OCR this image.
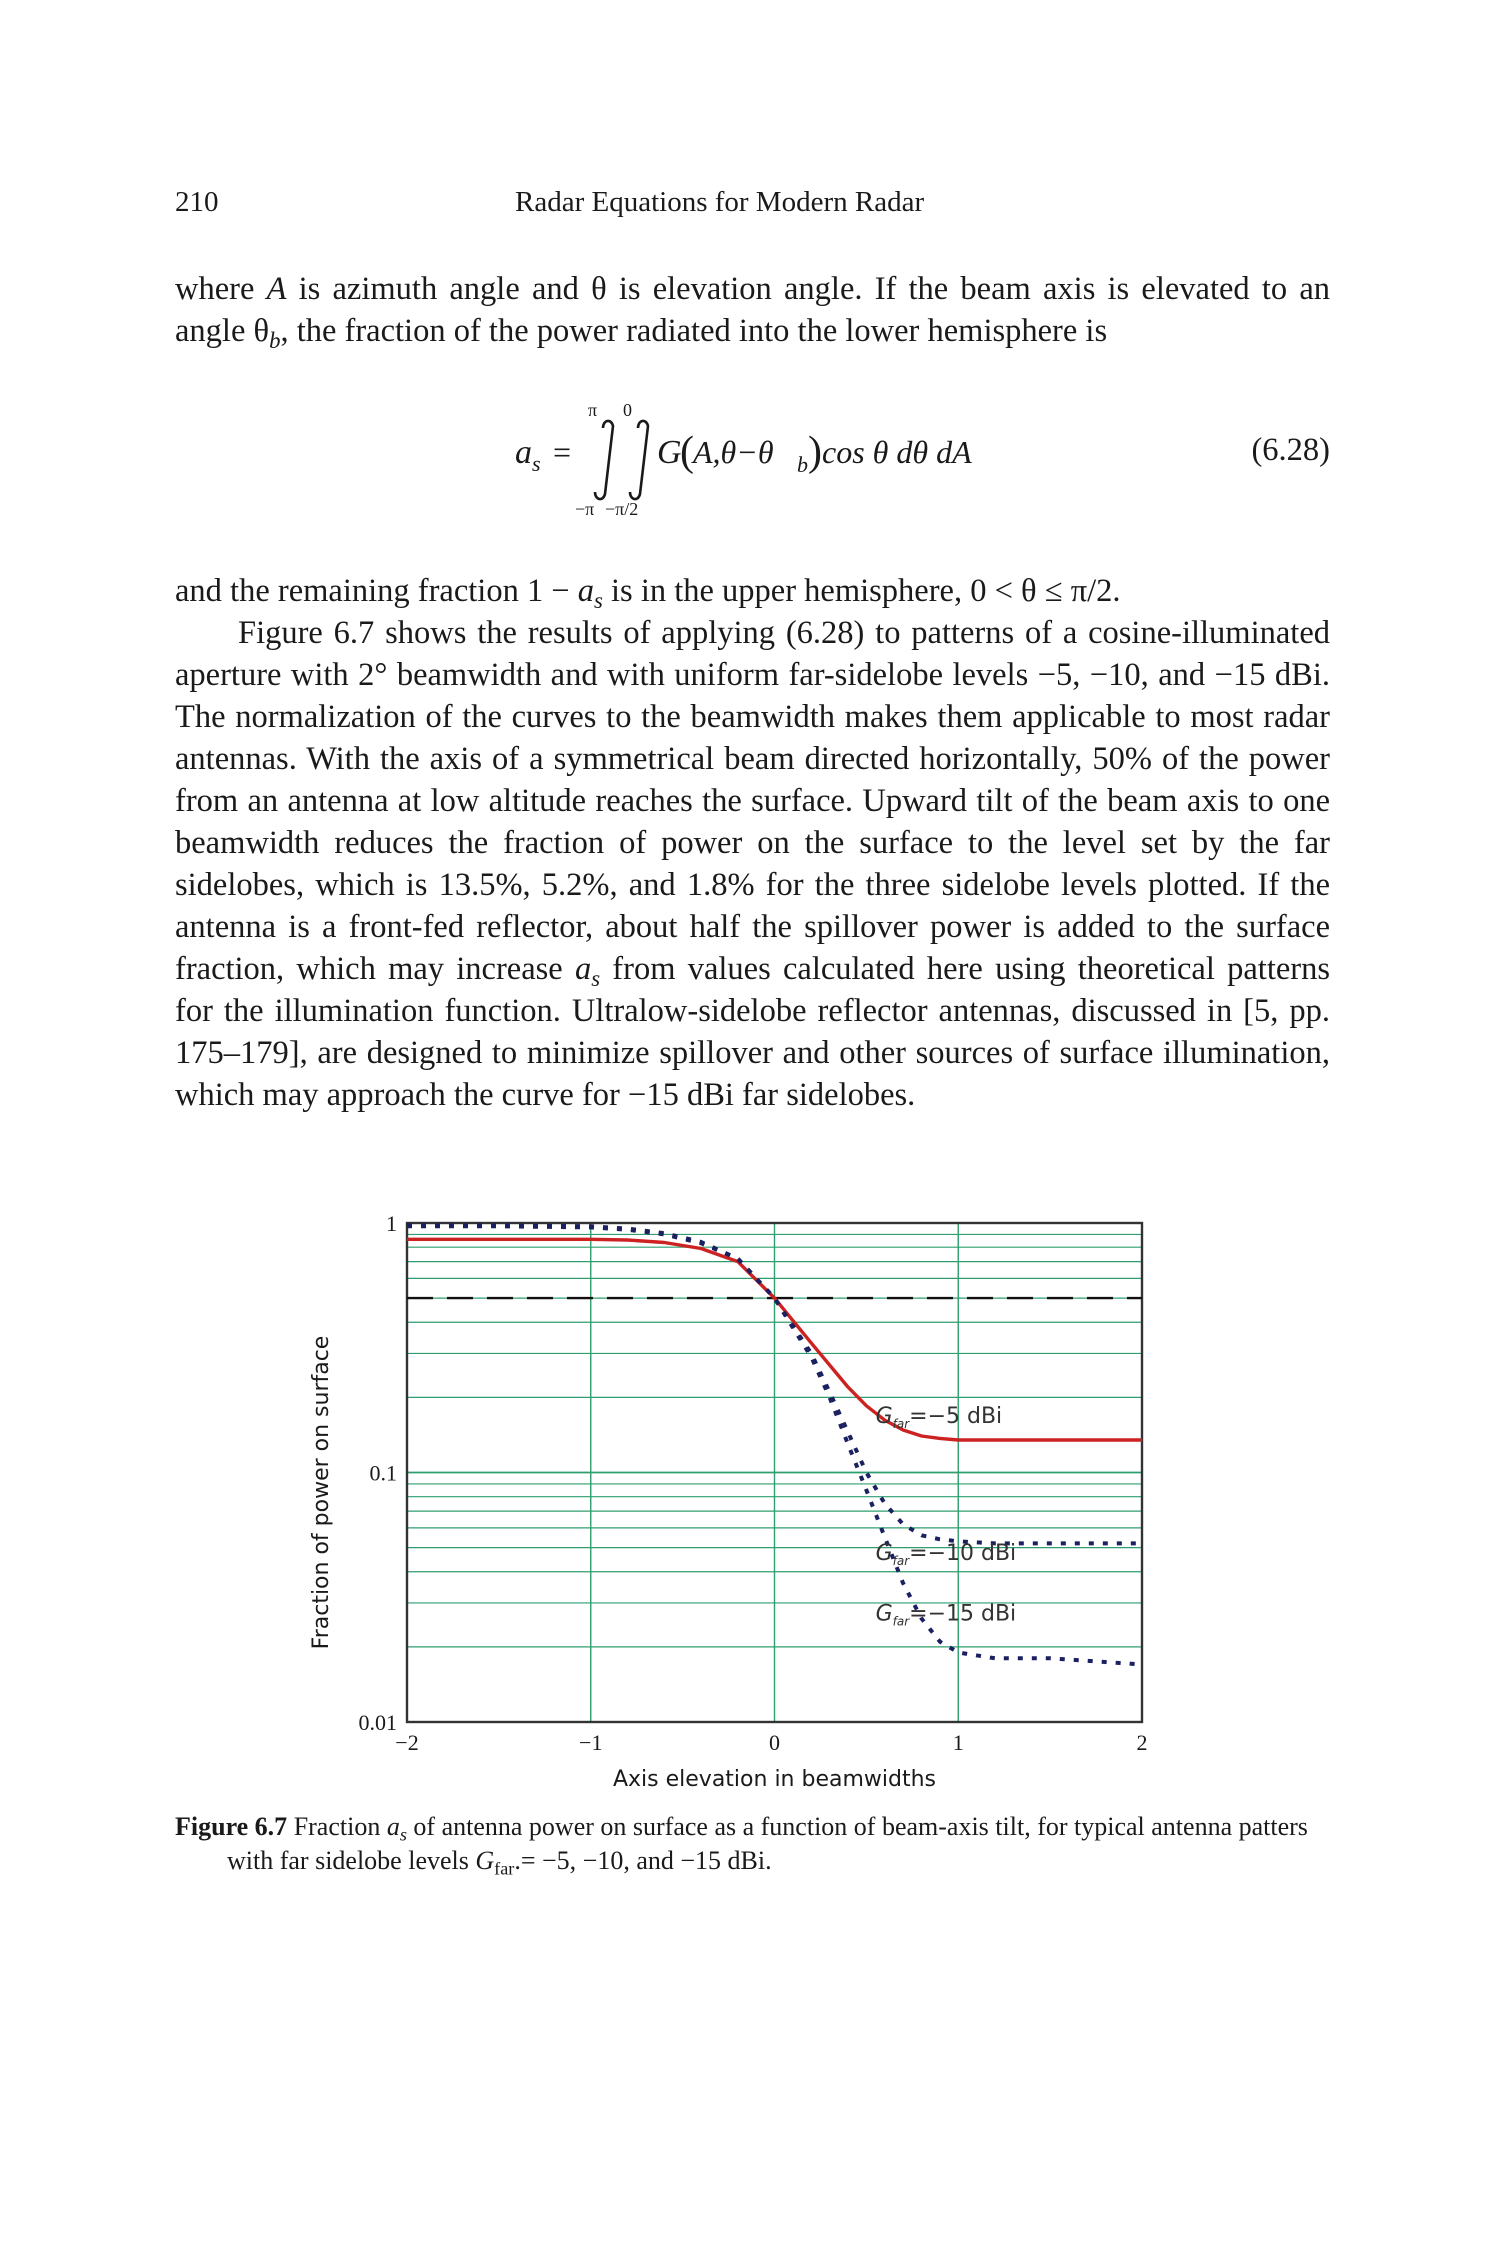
210	Radar Equations for Modern Radar

where A is azimuth angle and θ is elevation angle. If the beam axis is elevated to an angle $\theta_b$, the fraction of the power radiated into the lower hemisphere is

a s =
π
−π
0
−π/2
G
( A,θ−θ b ) cos θ dθ dA	(6.28)

and the remaining fraction $1 - a_s$ is in the upper hemisphere, 0 < θ ≤ π/2.

Figure 6.7 shows the results of applying (6.28) to patterns of a cosine-illuminated aperture with 2° beamwidth and with uniform far-sidelobe levels −5, −10, and −15 dBi. The normalization of the curves to the beamwidth makes them applicable to most radar antennas. With the axis of a symmetrical beam directed horizontally, 50% of the power from an antenna at low altitude reaches the surface. Upward tilt of the beam axis to one beamwidth reduces the fraction of power on the surface to the level set by the far sidelobes, which is 13.5%, 5.2%, and 1.8% for the three sidelobe levels plotted. If the antenna is a front-fed reflector, about half the spillover power is added to the surface fraction, which may increase $a_s$ from values calculated here using theoretical patterns for the illumination function. Ultralow-sidelobe reflector antennas, discussed in [5, pp. 175–179], are designed to minimize spillover and other sources of surface illumination, which may approach the curve for −15 dBi far sidelobes.

$G_{far}=-5$ dBi
$G_{far}=-10$ dBi
$G_{far}=-15$ dBi
0.01
0.1
1
−2	−1	0	1	2
Axis elevation in beamwidths
Fraction of power on surface

Figure 6.7 Fraction $a_s$ of antenna power on surface as a function of beam-axis tilt, for typical antenna patters with far sidelobe levels $G_{far}.= -5$, −10, and −15 dBi.
